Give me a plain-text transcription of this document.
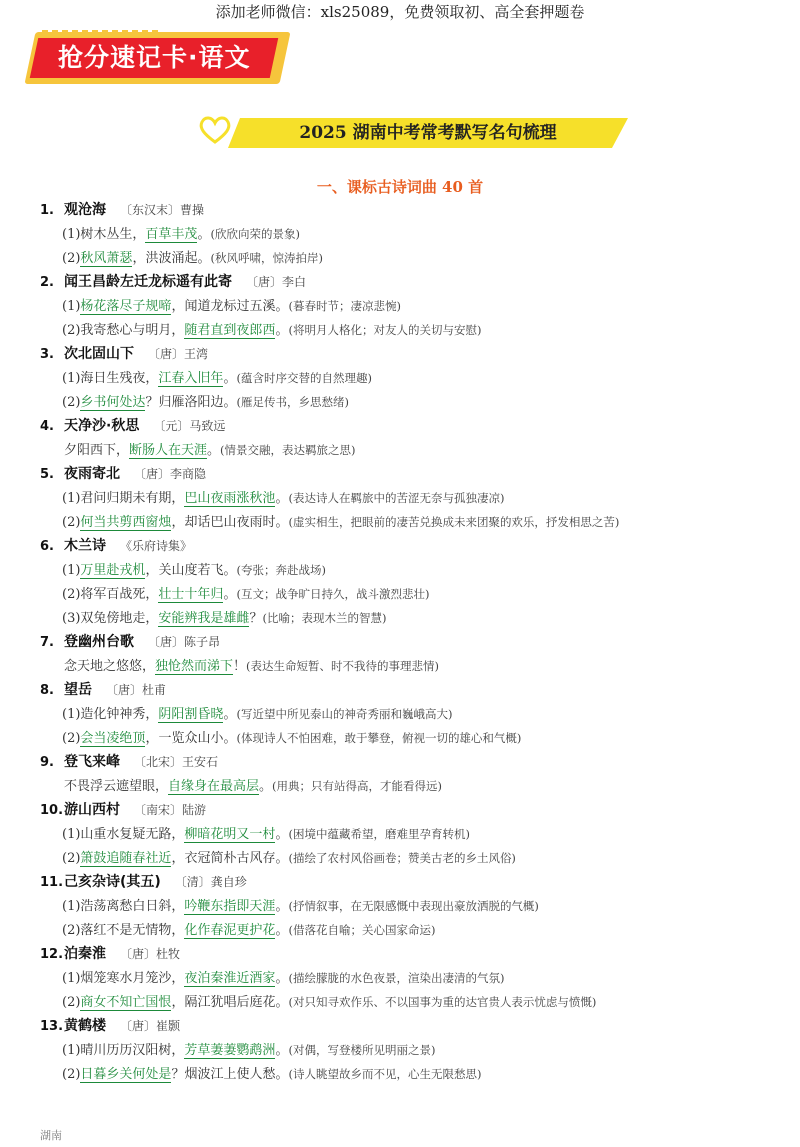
添加老师微信：xls25089，免费领取初、高全套押题卷
抢分速记卡·语文
2025 湖南中考常考默写名句梳理
一、课标古诗词曲 40 首
1. 观沧海 〔东汉末〕曹操
(1)树木丛生，百草丰茂。(欣欣向荣的景象)
(2)秋风萧瑟，洪波涌起。(秋风呼啸，惊涛拍岸)
2. 闻王昌龄左迁龙标遥有此寄 〔唐〕李白
(1)杨花落尽子规啼，闻道龙标过五溪。(暮春时节；凄凉悲惋)
(2)我寄愁心与明月，随君直到夜郎西。(将明月人格化；对友人的关切与安慰)
3. 次北固山下 〔唐〕王湾
(1)海日生残夜，江春入旧年。(蕴含时序交替的自然理趣)
(2)乡书何处达？归雁洛阳边。(雁足传书，乡思愁绪)
4. 天净沙·秋思 〔元〕马致远
夕阳西下，断肠人在天涯。(情景交融，表达羁旅之思)
5. 夜雨寄北 〔唐〕李商隐
(1)君问归期未有期，巴山夜雨涨秋池。(表达诗人在羁旅中的苦涩无奈与孤独凄凉)
(2)何当共剪西窗烛，却话巴山夜雨时。(虚实相生，把眼前的凄苦兑换成未来团聚的欢乐，抒发相思之苦)
6. 木兰诗 《乐府诗集》
(1)万里赴戎机，关山度若飞。(夸张；奔赴战场)
(2)将军百战死，壮士十年归。(互文；战争旷日持久，战斗激烈悲壮)
(3)双兔傍地走，安能辨我是雄雌？(比喻；表现木兰的智慧)
7. 登幽州台歌 〔唐〕陈子昂
念天地之悠悠，独怆然而涕下！(表达生命短暂、时不我待的事理悲情)
8. 望岳 〔唐〕杜甫
(1)造化钟神秀，阴阳割昏晓。(写近望中所见泰山的神奇秀丽和巍峨高大)
(2)会当凌绝顶，一览众山小。(体现诗人不怕困难，敢于攀登，俯视一切的雄心和气概)
9. 登飞来峰 〔北宋〕王安石
不畏浮云遮望眼，自缘身在最高层。(用典；只有站得高，才能看得远)
10.游山西村 〔南宋〕陆游
(1)山重水复疑无路，柳暗花明又一村。(困境中蕴藏希望，磨难里孕育转机)
(2)箫鼓追随春社近，衣冠简朴古风存。(描绘了农村风俗画卷；赞美古老的乡土风俗)
11.己亥杂诗(其五) 〔清〕龚自珍
(1)浩荡离愁白日斜，吟鞭东指即天涯。(抒情叙事，在无限感慨中表现出豪放洒脱的气概)
(2)落红不是无情物，化作春泥更护花。(借落花自喻；关心国家命运)
12.泊秦淮 〔唐〕杜牧
(1)烟笼寒水月笼沙，夜泊秦淮近酒家。(描绘朦胧的水色夜景，渲染出凄清的气氛)
(2)商女不知亡国恨，隔江犹唱后庭花。(对只知寻欢作乐、不以国事为重的达官贵人表示忧虑与愤慨)
13.黄鹤楼 〔唐〕崔颢
(1)晴川历历汉阳树，芳草萋萋鹦鹉洲。(对偶，写登楼所见明丽之景)
(2)日暮乡关何处是？烟波江上使人愁。(诗人眺望故乡而不见，心生无限愁思)
湖南
